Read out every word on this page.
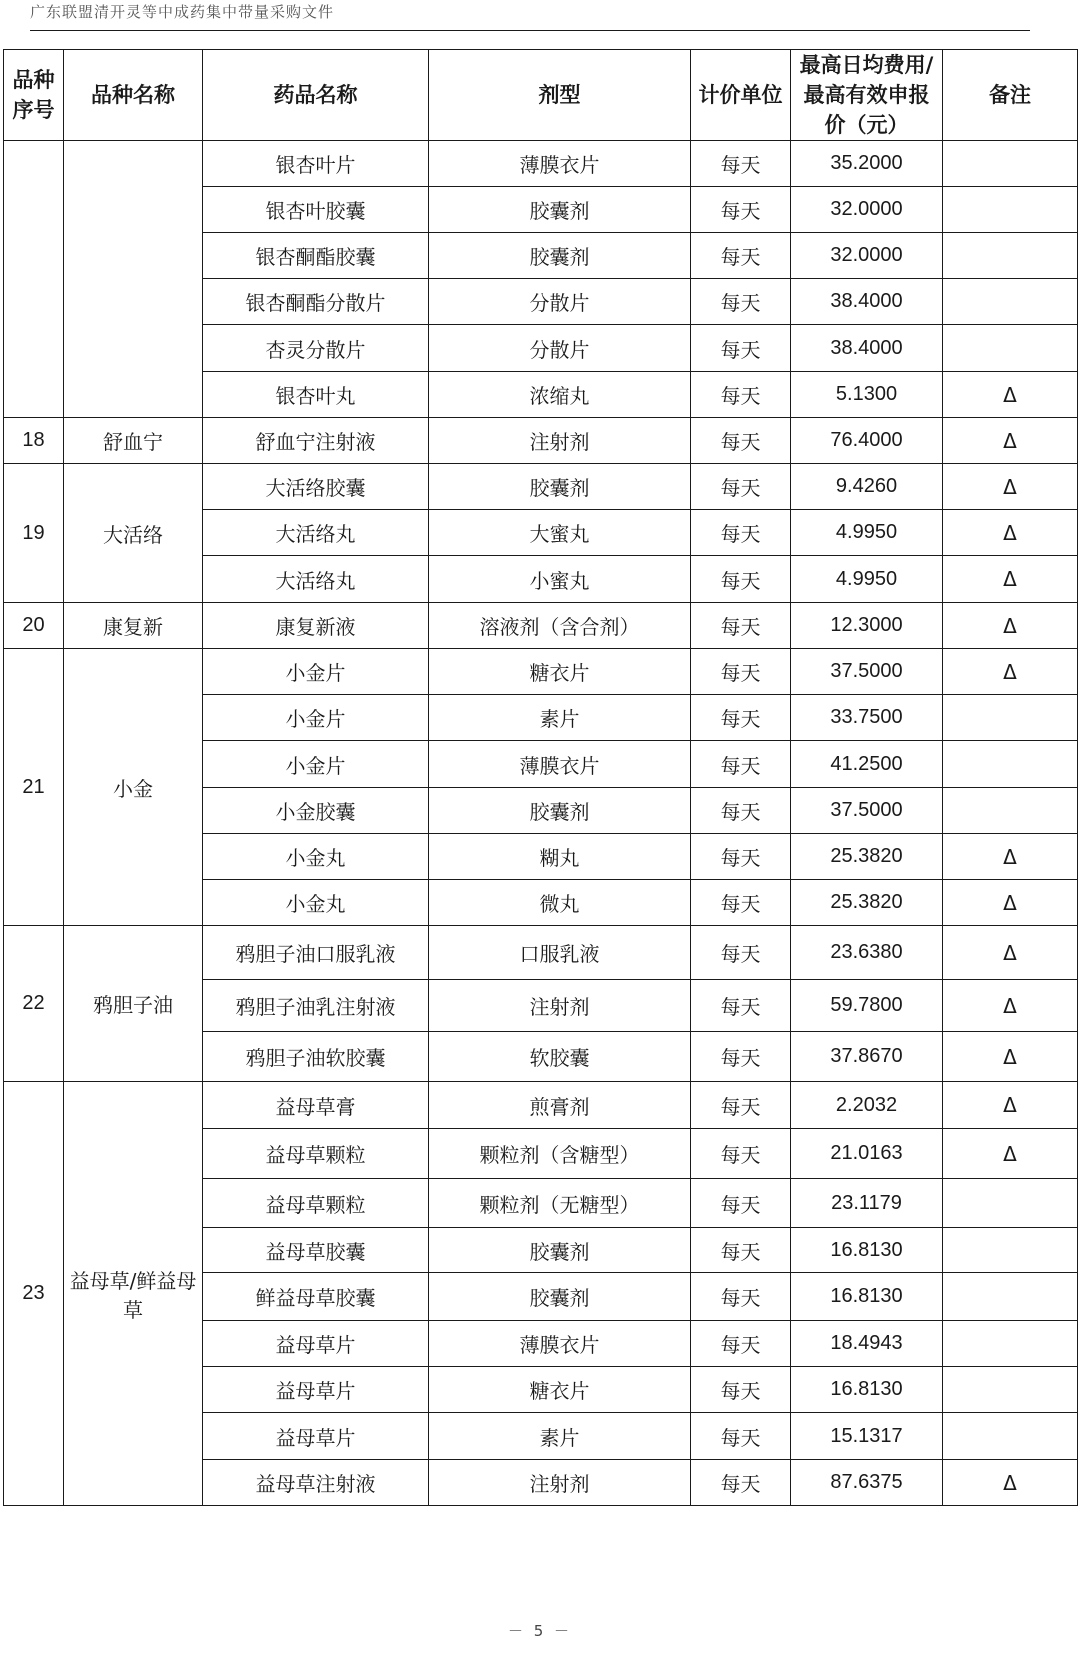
广东联盟清开灵等中成药集中带量采购文件
品种序号	品种名称	药品名称	剂型	计价单位	最高日均费用/最高有效申报价（元）	备注
		银杏叶片	薄膜衣片	每天	35.2000	
		银杏叶胶囊	胶囊剂	每天	32.0000	
		银杏酮酯胶囊	胶囊剂	每天	32.0000	
		银杏酮酯分散片	分散片	每天	38.4000	
		杏灵分散片	分散片	每天	38.4000	
		银杏叶丸	浓缩丸	每天	5.1300	Δ
18	舒血宁	舒血宁注射液	注射剂	每天	76.4000	Δ
19	大活络	大活络胶囊	胶囊剂	每天	9.4260	Δ
		大活络丸	大蜜丸	每天	4.9950	Δ
		大活络丸	小蜜丸	每天	4.9950	Δ
20	康复新	康复新液	溶液剂（含合剂）	每天	12.3000	Δ
21	小金	小金片	糖衣片	每天	37.5000	Δ
		小金片	素片	每天	33.7500	
		小金片	薄膜衣片	每天	41.2500	
		小金胶囊	胶囊剂	每天	37.5000	
		小金丸	糊丸	每天	25.3820	Δ
		小金丸	微丸	每天	25.3820	Δ
22	鸦胆子油	鸦胆子油口服乳液	口服乳液	每天	23.6380	Δ
		鸦胆子油乳注射液	注射剂	每天	59.7800	Δ
		鸦胆子油软胶囊	软胶囊	每天	37.8670	Δ
23	益母草/鲜益母草	益母草膏	煎膏剂	每天	2.2032	Δ
		益母草颗粒	颗粒剂（含糖型）	每天	21.0163	Δ
		益母草颗粒	颗粒剂（无糖型）	每天	23.1179	
		益母草胶囊	胶囊剂	每天	16.8130	
		鲜益母草胶囊	胶囊剂	每天	16.8130	
		益母草片	薄膜衣片	每天	18.4943	
		益母草片	糖衣片	每天	16.8130	
		益母草片	素片	每天	15.1317	
		益母草注射液	注射剂	每天	87.6375	Δ
－ 5 －
